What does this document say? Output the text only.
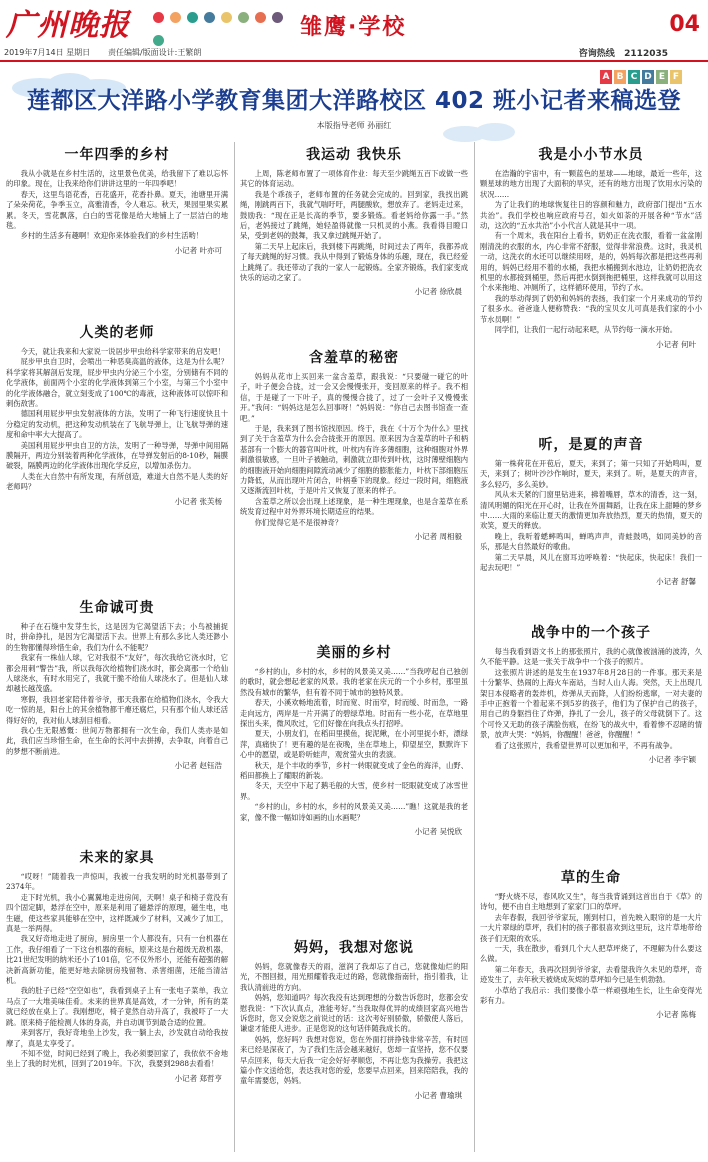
广州晚报	雏鹰·学校	04
2019年7月14日 星期日 责任编辑/版面设计:王繁朗	咨询热线 2112035
A B C D E F
莲都区大洋路小学教育集团大洋路校区 402 班小记者来稿选登
本版指导老师 孙丽红
一年四季的乡村

我从小就是在乡村生活的，这里景色优美，给我留下了难以忘怀的印象。现在，让我来给你们讲讲这里的一年四季吧！

春天，这里鸟语花香，百花盛开，花香扑鼻。夏天，池塘里开满了朵朵荷花，争季玉立，高雅清香，令人难忘。秋天，果园里果实累累。冬天，雪花飘落，白白的雪花像是给大地铺上了一层洁白的地毯。

乡村的生活多有趣啊！欢迎你来体验我们的乡村生活哟！

小记者 叶亦可
人类的老师

今天，就让我来和大家说一说居步甲虫给科学家带来的启发吧！

屁步甲虫自卫时，会喷出一种恶臭高温的液体，这是为什么呢？科学家将其解剖后发现，屁步甲虫内分泌三个小室，分别储有不同的化学液体，前面两个小室的化学液体到第三个小室，与第三个小室中的化学液体融合，就立刻变成了100℃的毒液，这种液体可以惊吓和刺伤敌害。

德国利用屁步甲虫发射液体的方法，发明了一种飞行速度快且十分稳定的发动机，把这种发动机装在了飞航导弹上，让飞航导弹的速度和命中率大大提高了。

美国利用屁步甲虫自卫的方法，发明了一种导弹，导弹中间用隔膜隔开，两边分别装着两种化学液体，在导弹发射后的8-10秒，隔膜破裂，隔膜两边的化学液体出现化学反应，以增加杀伤力。

人类在大自然中有所发现，有所创造，难道大自然不是人类的好老师吗？

小记者 张芙杨
生命诚可贵

种子在石缝中发芽生长，这是因为它渴望活下去；小鸟被捕捉时，拼命挣扎，是因为它渴望活下去。世界上有那么多比人类还渺小的生物都懂得珍惜生命，我们为什么不能呢？

我家有一株仙人球，它对我很不“友好”，每次我给它浇水时，它都会用刺“警告”我，所以我每次给植物们浇水时，都会离那一个给仙人球浇水，有时水用完了，我就干脆不给仙人球浇水了。但是仙人球却越长越茂盛。

寒假，我回老家陪伴着爷爷，那天我都在给植物们浇水，令我大吃一惊的是，阳台上的其余植物都干瘪还腐烂，只有那个仙人球还活得好好的，我对仙人球刮目相看。

我心生无限感慨：世间万物都拥有一次生命，我们人类亦是如此，我们应当珍惜生命，在生命的长河中去拼搏，去争取，向着自己的梦想不断前进。

小记者 赵钰浩
未来的家具

“哎呀！”随着我一声惊叫，我被一台我发明的时光机器带到了2374年。

走下时光机，我小心翼翼地走进房间，天啊！桌子和椅子竟没有四个固定脚，悬浮在空中，原来是利用了磁悬浮的原理，磁生电，电生磁，使这些家具能够在空中，这样既减少了材料，又减少了加工，真是一举两得。

我又好奇地走进了厨房，厨房里一个人都没有，只有一台机器在工作，我仔细看了一下这台机器的商标，原来这是台超级无敌机器，比21世纪发明的纳米还小了101倍，它不仅外形小，还能有超强的解决新高新功能，能更好地去除厨房残留物、杀害细菌，还能当清洁机。

我的肚子已经“空空如也”，我看到桌子上有一张电子菜单，我立马点了一大堆美味佳肴。未来的世界真是高效，才一分钟，所有的菜就已经放在桌上了。我刚想吃，椅子竟然自动升高了，我被吓了一大跳。原来椅子能检测人体的身高，并自动调节到最合适的位置。

来到客厅，我好奇地坐上沙发，我一躺上去，沙发就自动给我按摩了，真是太享受了。

不知不觉，时间已经到了晚上，我必须要回家了，我依依不舍地坐上了我的时光机，回到了2019年。下次，我要到2988去看看！

小记者 郑哲亨
我运动 我快乐

上周，陈老师布置了一项体育作业：每天至少跳绳五百下或做一些其它的体育运动。

我是个乖孩子，老师布置的任务就会完成的。回到家，我找出跳绳，刚跳两百下，我就气喘吁吁，两腿酸软，想放弃了。老妈走过来，鼓励我：“现在正是长高的季节，要多锻炼。看老妈给你露一手。”然后，老妈接过了跳绳，她轻盈得就像一只机灵的小燕。我看得目瞪口呆，受到老妈的鼓舞，我又拿过跳绳开始了。

第二天早上起床后，我到楼下再跳绳，时间过去了两年，我都养成了每天跳绳的好习惯。我从中得到了锻炼身体的乐趣，现在，我已经爱上跳绳了。我还带动了我的一家人一起锻炼。全家齐锻炼，我们家变成快乐的运动之家了。

小记者 徐欣晨
含羞草的秘密

妈妈从花市上买回来一盆含羞草，跟我说：“只要碰一碰它的叶子，叶子便会合拢，过一会又会慢慢张开，变回原来的样子。我不相信，于是碰了一下叶子，真的慢慢合拢了，过了一会叶子又慢慢张开。”我问：“妈妈这是怎么回事呀！”妈妈说：“你自己去图书馆查一查吧。”

于是，我来到了图书馆找原因。终于，我在《十万个为什么》里找到了关于含羞草为什么会合拢张开的原因。原来因为含羞草的叶子和柄基部有一个膨大的器官叫叶枕，叶枕内有许多薄细胞，这种细胞对外界刺激很敏感，一旦叶子被触动，刺激就立即传到叶枕，这时薄壁细胞内的细胞液开始向细胞间隙流动减少了细胞的膨胀能力，叶枕下部细胞压力降低，从而出现叶片闭合，叶柄垂下的现象。经过一段时间，细胞液又逐渐流回叶枕，于是叶片又恢复了原来的样子。

含羞草之所以会出现上述现象，是一种生理现象，也是含羞草在系统发育过程中对外界环境长期适应的结果。

你们觉得它是不是很神奇？

小记者 周相毅
美丽的乡村

“乡村的山，乡村的水，乡村的风景美又美……”当我哼起自己独创的歌时，就会想起老家的风景。我的老家在庆元的一个小乡村，那里虽然没有城市的繁华，但有着不同于城市的独特风景。

春天，小溪欢畅地流着，时而宽、时而窄，时而缓、时而急，一路走向远方，两岸是一片开满了的碧绿草地。时而有一些小花，在草地里探出头来，微风吹过，它们好像在向我点头打招呼。

夏天，小朋友们，在稻田里摸鱼，捉泥鳅，在小河里捉小虾，漂绿萍，真痛快了！更有趣的是在夜晚，坐在草地上，仰望星空，默默许下心中的愿望，或是聆听蛙声，观赏萤火虫的表演。

秋天，是个丰收的季节，乡村一转眼就变成了金色的海洋，山野、稻田都换上了耀眼的新装。

冬天，天空中下起了鹅毛般的大雪，使乡村一眨眼就变成了冰雪世界。

“乡村的山，乡村的水，乡村的风景美又美……”瞧！这就是我的老家，像不像一幅如诗如画的山水画呢？

小记者 吴悦欣
妈妈，我想对您说

妈妈，您就像春天的雨，滋润了我却忘了自己，您就像灿烂的阳光，不图回报，用光照耀着我走过的路，您就像指南针，指引着我，让我认清前进的方向。

妈妈，您知道吗？每次我没有达到理想的分数告诉您时，您都会安慰我说：“下次认真点，准能考好。”当我取得优异的成绩回家高兴地告诉您时，您又会说您之前说过的话：这次考好别骄傲，骄傲使人落后，谦虚才能使人进步。正是您说的这句话伴随我成长的。

妈妈，您好吗？我想对您说，您在外面打拼挣钱非常辛苦，有时回来已经是深夜了，为了我们生活会越来越好，您却一直坚持，您不仅要早点回来，每天大后我一定会好好孝顺您，不再让您为我操劳。我把这篇小作文送给您，表达我对您的爱，您要早点回来，回来陪陪我，我的童年需要您，妈妈。

小记者 曹瑜琪
我是小小节水员

在浩瀚的宇宙中，有一颗蓝色的星球——地球，最近一些年，这颗星球的地方出现了大面积的旱灾，还有的地方出现了饮用水污染的状况……

为了让我们的地球恢复往日的容颜和魅力，政府部门提出“五水共治”。我们学校也响应政府号召，如火如荼的开展各种“节水”活动，这次的“五水共治”小小代言人就是其中一项。

有一个周末，我在阳台上看书，奶奶正在洗衣服，看着一盆盆刚刚清洗的衣服的水，内心非常不舒服，觉得非常浪费。这时，我灵机一动，这洗衣的水还可以继续用呀，是的，妈妈每次都是把这些再利用的，妈妈已经用不着的水桶，我把水桶搬到水池边，让奶奶把洗衣机里的水都接到桶里，然后再把水倒到拖把桶里，这样我就可以用这个水来拖地、冲厕所了，这样循环使用，节约了水。

我的举动得到了奶奶和妈妈的表扬，我们家一个月来成功的节约了很多水。爸爸逢人便称赞我：“我的宝贝女儿可真是我们家的小小节水员啊！”

同学们，让我们一起行动起来吧，从节约每一滴水开始。

小记者 何叶
听，是夏的声音

第一株荷花在开苞后，夏天，来到了；第一只知了开始鸣叫，夏天，来到了；树叶沙沙作响时，夏天，来到了。听，是夏天的声音，多么轻巧，多么美妙。

风从未天紧的门窗里钻进来，拂着嘴唇，草木的清香，这一刻，清风明媚的阳光在开心时，让我在外面舞蹈，让我在床上甜睡的梦乡中……大雨的来临让夏天的激情更加奔放热烈，夏天的热情，夏天的欢笑，夏天的释放。

晚上，我听着蟋蟀鸣叫，蝉鸣声声，青蛙鼓鸣，如同美妙的音乐，那是大自然最好的歌曲。

第二天早晨，风儿在窗耳边呼唤着：“快起床，快起床！我们一起去玩吧！”

小记者 舒馨
战争中的一个孩子

每当我看到语文书上的那张照片，我的心就像被汹涌的波涛，久久不能平静。这是一张关于战争中一个孩子的照片。

这张照片讲述的是发生在1937年8月28日的一件事。那天来是十分繁华、热闹的上海火车南站，当时人山人海。突然，天上出现几架日本侵略者的轰炸机，炸弹从天而降，人们纷纷逃窜，一对夫妻的手中正抱着一个着起来不到5岁的孩子，他们为了保护自己的孩子，用自己的身躯挡住了炸弹，挣扎了一会儿，孩子的父母就倒下了。这个可怜又无助的孩子满脸伤痕，在纷飞的战火中，看着惨不忍睹的情景，放声大哭：“妈妈，你醒醒！爸爸，你醒醒！”

看了这张照片，我希望世界可以更加和平，不再有战争。

小记者 李宇颖
草的生命

“野火烧不尽，春风吹又生”，每当我背诵到这首出自于《草》的诗句，便不由自主地想到了家家门口的草坪。

去年春假，我回爷爷家玩，刚到村口，首先映入眼帘的是一大片一大片翠绿的草坪，我们村的孩子都很喜欢到这里玩，这片草地带给孩子们无限的欢乐。

一天，我在散步，看到几个大人把草坪烧了，不理解为什么要这么做。

第二年春天，我再次回到爷爷家，去看望我许久未见的草坪，奇迹发生了，去年秋天被烧成灰烬的草坪如今已是生机勃勃。

小草给了我启示：我们要像小草一样顽强地生长，让生命变得光彩有力。

小记者 陈梅
